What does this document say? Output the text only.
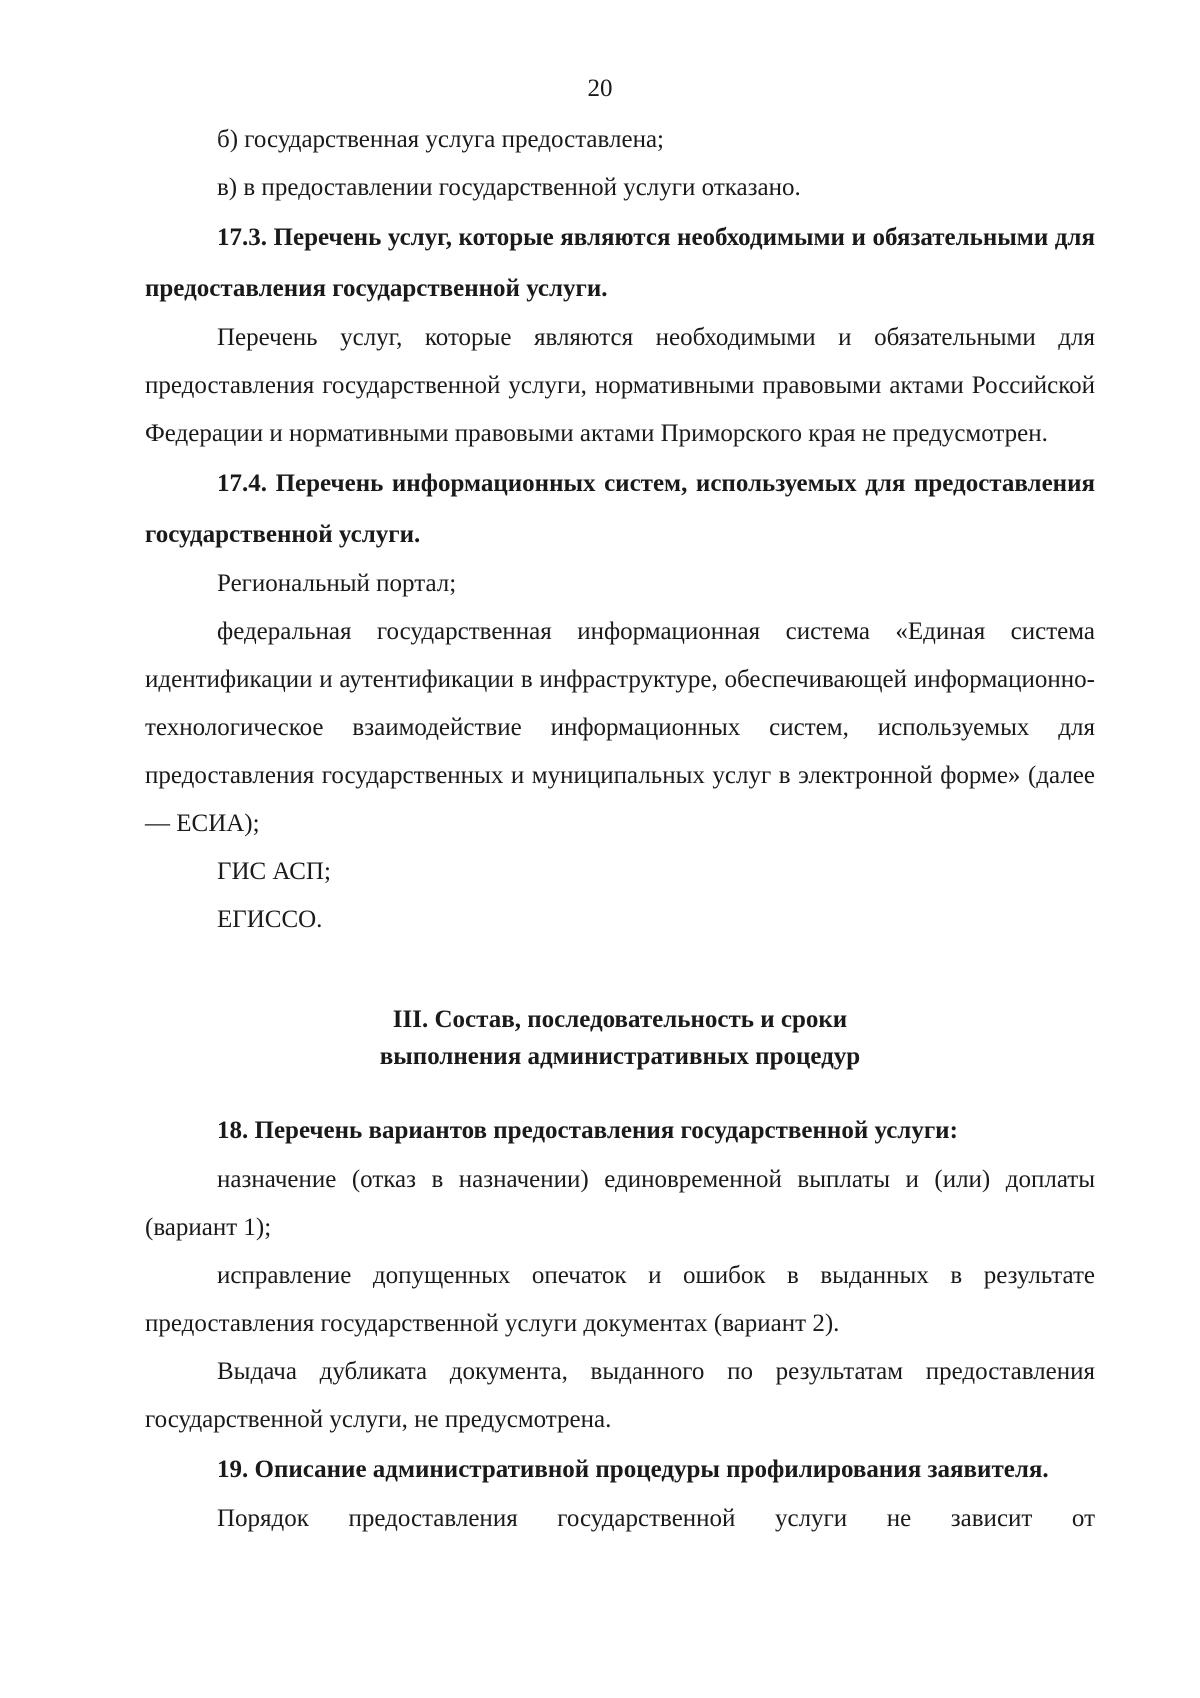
20

б) государственная услуга предоставлена;

в) в предоставлении государственной услуги отказано.

17.3. Перечень услуг, которые являются необходимыми и обязательными для предоставления государственной услуги.

Перечень услуг, которые являются необходимыми и обязательными для предоставления государственной услуги, нормативными правовыми актами Российской Федерации и нормативными правовыми актами Приморского края не предусмотрен.

17.4. Перечень информационных систем, используемых для предоставления государственной услуги.

Региональный портал;

федеральная государственная информационная система «Единая система идентификации и аутентификации в инфраструктуре, обеспечивающей информационно-технологическое взаимодействие информационных систем, используемых для предоставления государственных и муниципальных услуг в электронной форме» (далее — ЕСИА);

ГИС АСП;

ЕГИССО.

III. Состав, последовательность и сроки
выполнения административных процедур

18. Перечень вариантов предоставления государственной услуги:

назначение (отказ в назначении) единовременной выплаты и (или) доплаты (вариант 1);

исправление допущенных опечаток и ошибок в выданных в результате предоставления государственной услуги документах (вариант 2).

Выдача дубликата документа, выданного по результатам предоставления государственной услуги, не предусмотрена.

19. Описание административной процедуры профилирования заявителя.

Порядок предоставления государственной услуги не зависит от
